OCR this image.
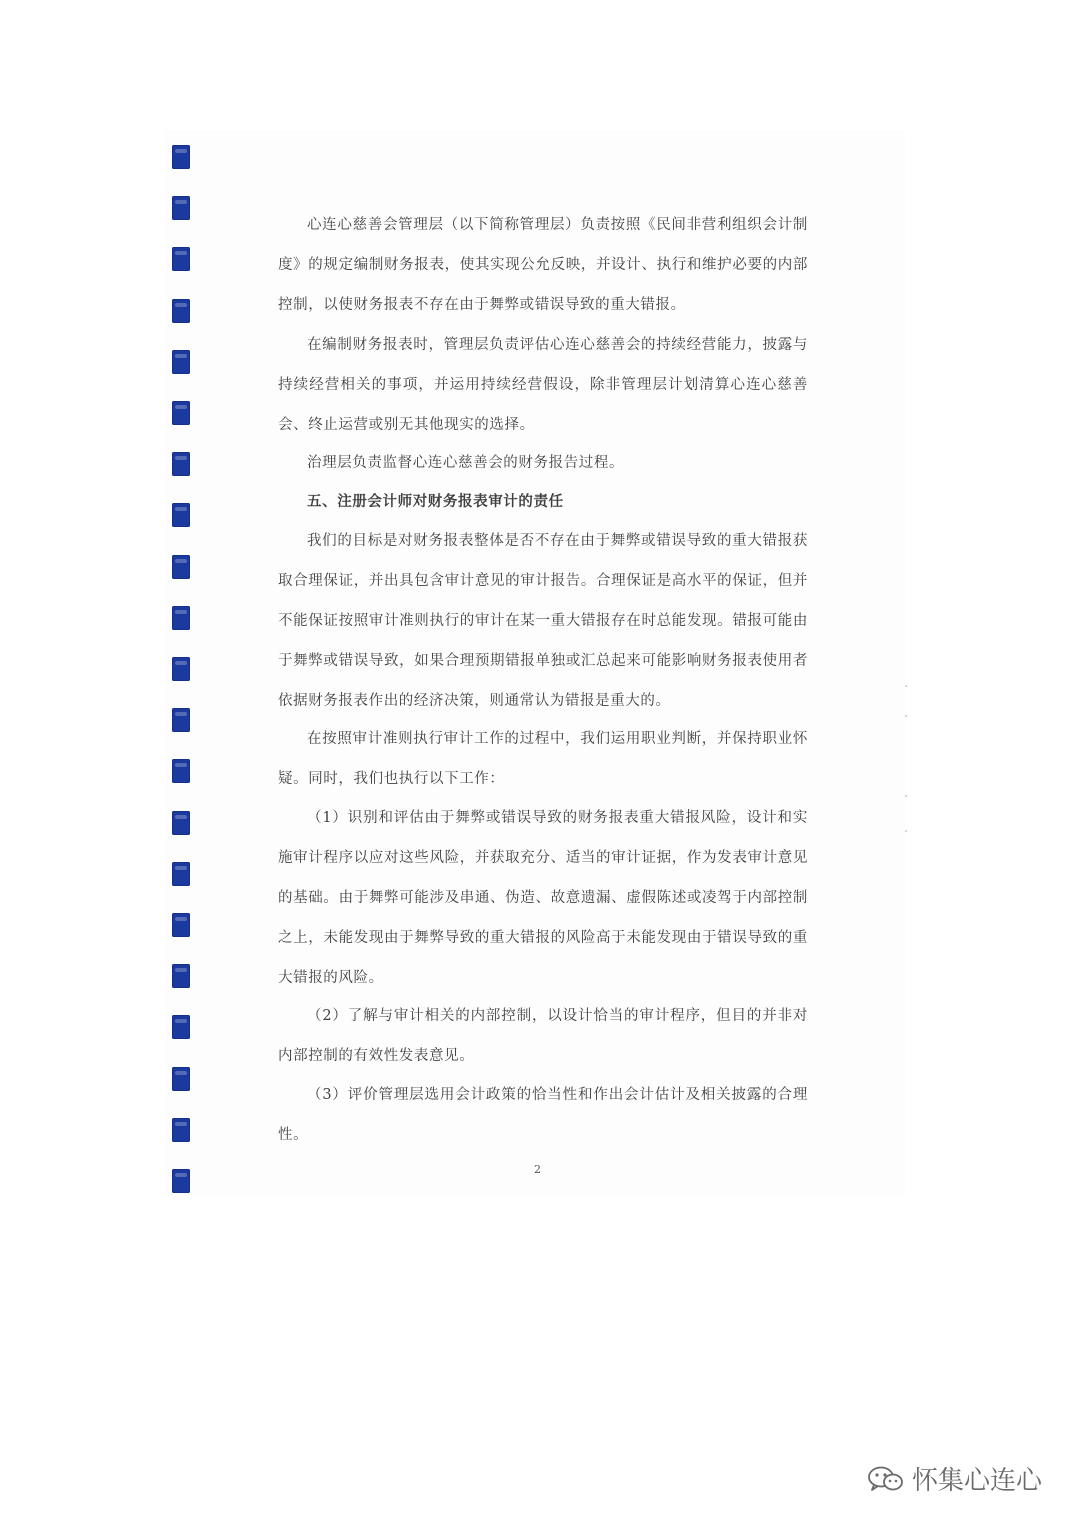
心连心慈善会管理层（以下简称管理层）负责按照《民间非营利组织会计制度》的规定编制财务报表，使其实现公允反映，并设计、执行和维护必要的内部控制，以使财务报表不存在由于舞弊或错误导致的重大错报。

在编制财务报表时，管理层负责评估心连心慈善会的持续经营能力，披露与持续经营相关的事项，并运用持续经营假设，除非管理层计划清算心连心慈善会、终止运营或别无其他现实的选择。

治理层负责监督心连心慈善会的财务报告过程。

五、注册会计师对财务报表审计的责任

我们的目标是对财务报表整体是否不存在由于舞弊或错误导致的重大错报获取合理保证，并出具包含审计意见的审计报告。合理保证是高水平的保证，但并不能保证按照审计准则执行的审计在某一重大错报存在时总能发现。错报可能由于舞弊或错误导致，如果合理预期错报单独或汇总起来可能影响财务报表使用者依据财务报表作出的经济决策，则通常认为错报是重大的。

在按照审计准则执行审计工作的过程中，我们运用职业判断，并保持职业怀疑。同时，我们也执行以下工作：

（1）识别和评估由于舞弊或错误导致的财务报表重大错报风险，设计和实施审计程序以应对这些风险，并获取充分、适当的审计证据，作为发表审计意见的基础。由于舞弊可能涉及串通、伪造、故意遗漏、虚假陈述或凌驾于内部控制之上，未能发现由于舞弊导致的重大错报的风险高于未能发现由于错误导致的重大错报的风险。

（2）了解与审计相关的内部控制，以设计恰当的审计程序，但目的并非对内部控制的有效性发表意见。

（3）评价管理层选用会计政策的恰当性和作出会计估计及相关披露的合理性。

2
怀集心连心
